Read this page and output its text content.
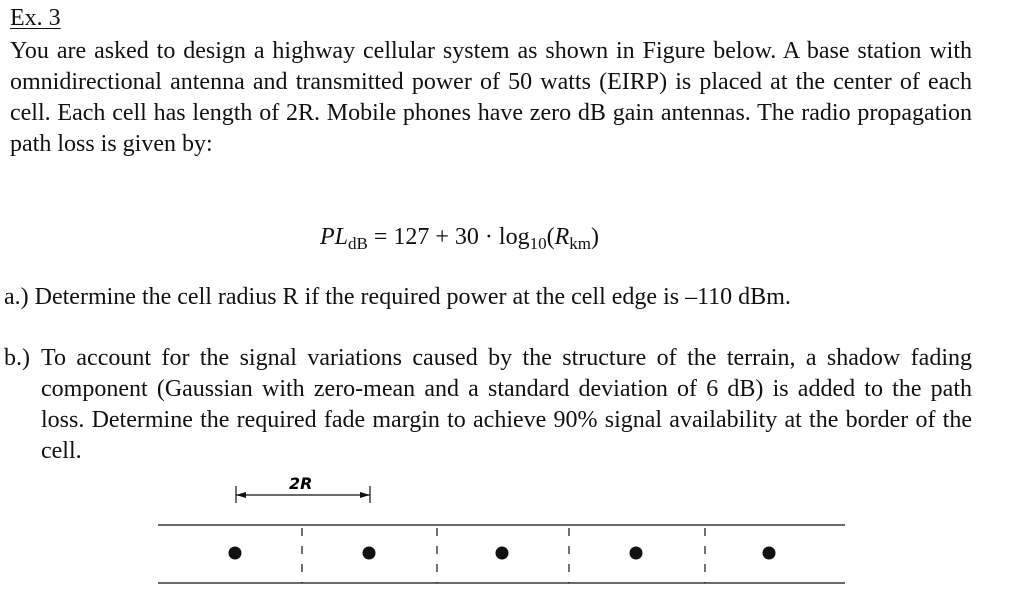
Ex. 3

You are asked to design a highway cellular system as shown in Figure below. A base station with omnidirectional antenna and transmitted power of 50 watts (EIRP) is placed at the center of each cell. Each cell has length of 2R. Mobile phones have zero dB gain antennas. The radio propagation path loss is given by:

$PL_{dB} = 127 + 30 \cdot \log_{10}(R_{km})$

a.) Determine the cell radius R if the required power at the cell edge is –110 dBm.

b.) To account for the signal variations caused by the structure of the terrain, a shadow fading component (Gaussian with zero-mean and a standard deviation of 6 dB) is added to the path loss. Determine the required fade margin to achieve 90% signal availability at the border of the cell.

2R
